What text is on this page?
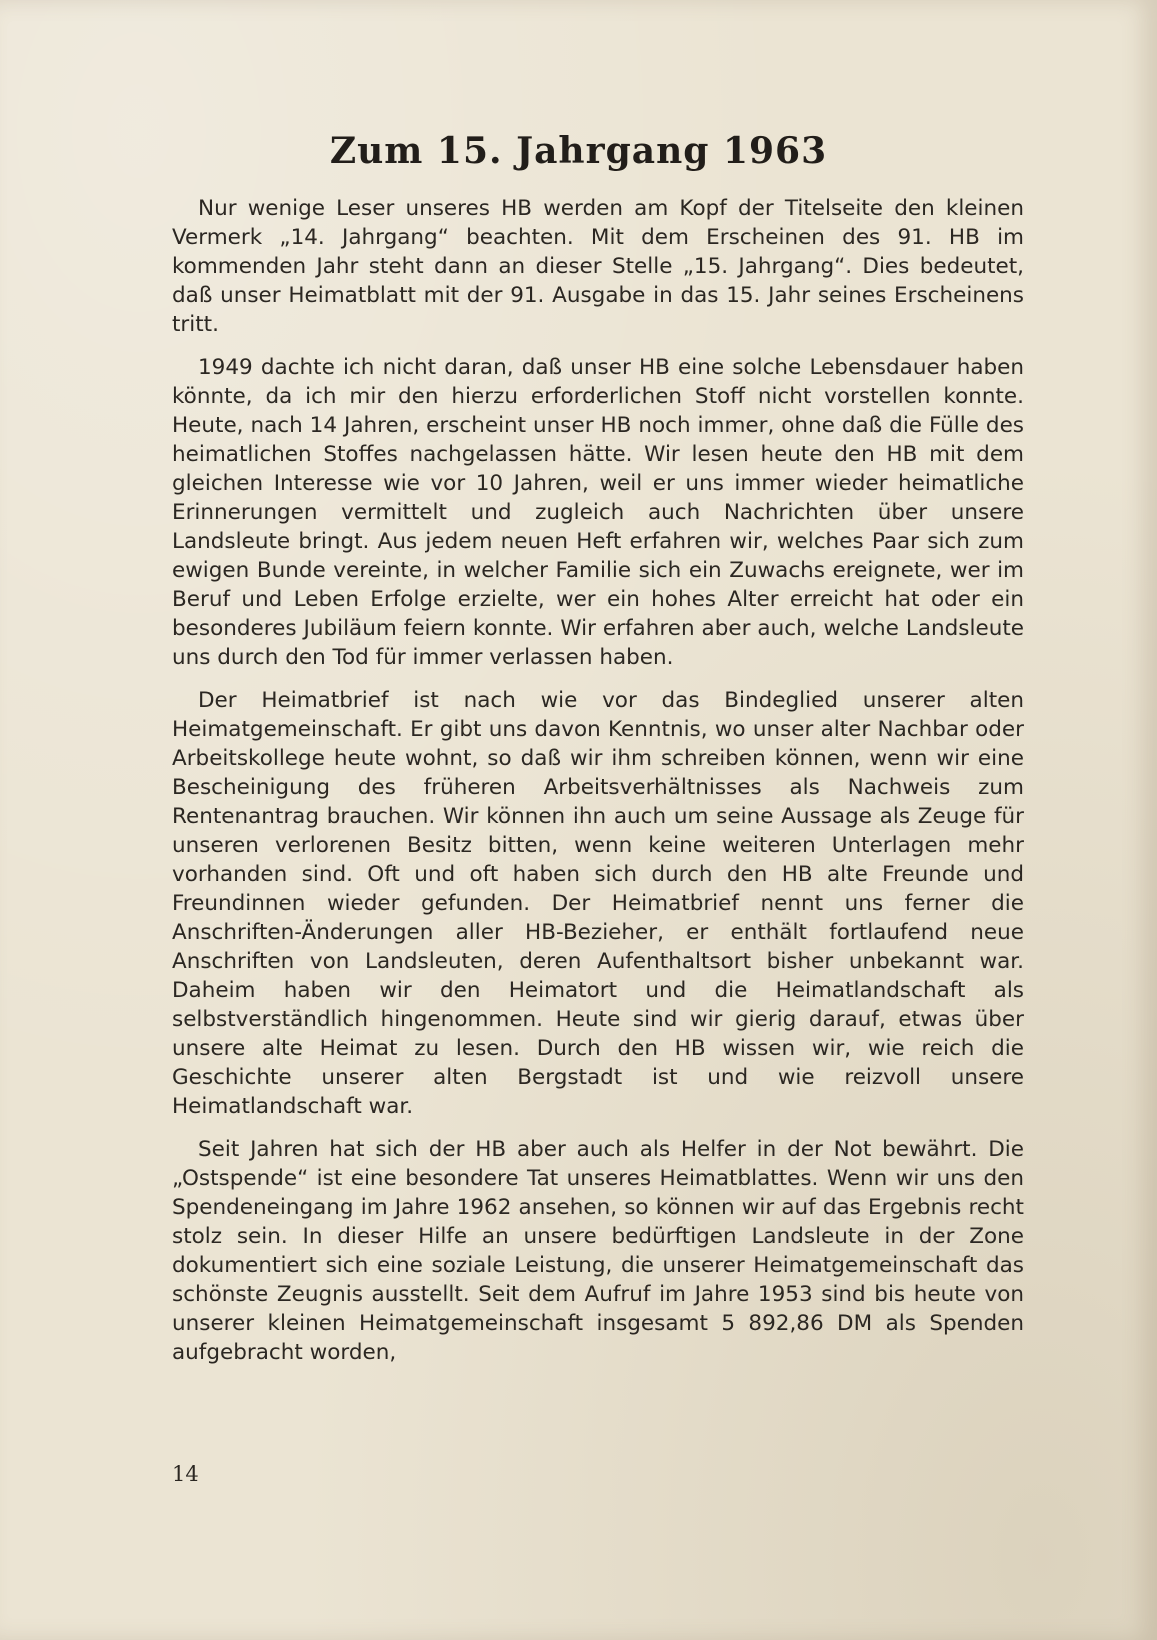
Zum 15. Jahrgang 1963

Nur wenige Leser unseres HB werden am Kopf der Titelseite den kleinen Vermerk „14. Jahrgang“ beachten. Mit dem Erscheinen des 91. HB im kommenden Jahr steht dann an dieser Stelle „15. Jahrgang“. Dies bedeutet, daß unser Heimatblatt mit der 91. Ausgabe in das 15. Jahr seines Erscheinens tritt.

1949 dachte ich nicht daran, daß unser HB eine solche Lebensdauer haben könnte, da ich mir den hierzu erforderlichen Stoff nicht vorstellen konnte. Heute, nach 14 Jahren, erscheint unser HB noch immer, ohne daß die Fülle des heimatlichen Stoffes nachgelassen hätte. Wir lesen heute den HB mit dem gleichen Interesse wie vor 10 Jahren, weil er uns immer wieder heimatliche Erinnerungen vermittelt und zugleich auch Nachrichten über unsere Landsleute bringt. Aus jedem neuen Heft erfahren wir, welches Paar sich zum ewigen Bunde vereinte, in welcher Familie sich ein Zuwachs ereignete, wer im Beruf und Leben Erfolge erzielte, wer ein hohes Alter erreicht hat oder ein besonderes Jubiläum feiern konnte. Wir erfahren aber auch, welche Landsleute uns durch den Tod für immer verlassen haben.

Der Heimatbrief ist nach wie vor das Bindeglied unserer alten Heimatgemeinschaft. Er gibt uns davon Kenntnis, wo unser alter Nachbar oder Arbeitskollege heute wohnt, so daß wir ihm schreiben können, wenn wir eine Bescheinigung des früheren Arbeitsverhältnisses als Nachweis zum Rentenantrag brauchen. Wir können ihn auch um seine Aussage als Zeuge für unseren verlorenen Besitz bitten, wenn keine weiteren Unterlagen mehr vorhanden sind. Oft und oft haben sich durch den HB alte Freunde und Freundinnen wieder gefunden. Der Heimatbrief nennt uns ferner die Anschriften-Änderungen aller HB-Bezieher, er enthält fortlaufend neue Anschriften von Landsleuten, deren Aufenthaltsort bisher unbekannt war. Daheim haben wir den Heimatort und die Heimatlandschaft als selbstverständlich hingenommen. Heute sind wir gierig darauf, etwas über unsere alte Heimat zu lesen. Durch den HB wissen wir, wie reich die Geschichte unserer alten Bergstadt ist und wie reizvoll unsere Heimatlandschaft war.

Seit Jahren hat sich der HB aber auch als Helfer in der Not bewährt. Die „Ostspende“ ist eine besondere Tat unseres Heimatblattes. Wenn wir uns den Spendeneingang im Jahre 1962 ansehen, so können wir auf das Ergebnis recht stolz sein. In dieser Hilfe an unsere bedürftigen Landsleute in der Zone dokumentiert sich eine soziale Leistung, die unserer Heimatgemeinschaft das schönste Zeugnis ausstellt. Seit dem Aufruf im Jahre 1953 sind bis heute von unserer kleinen Heimatgemeinschaft insgesamt 5 892,86 DM als Spenden aufgebracht worden,

14
